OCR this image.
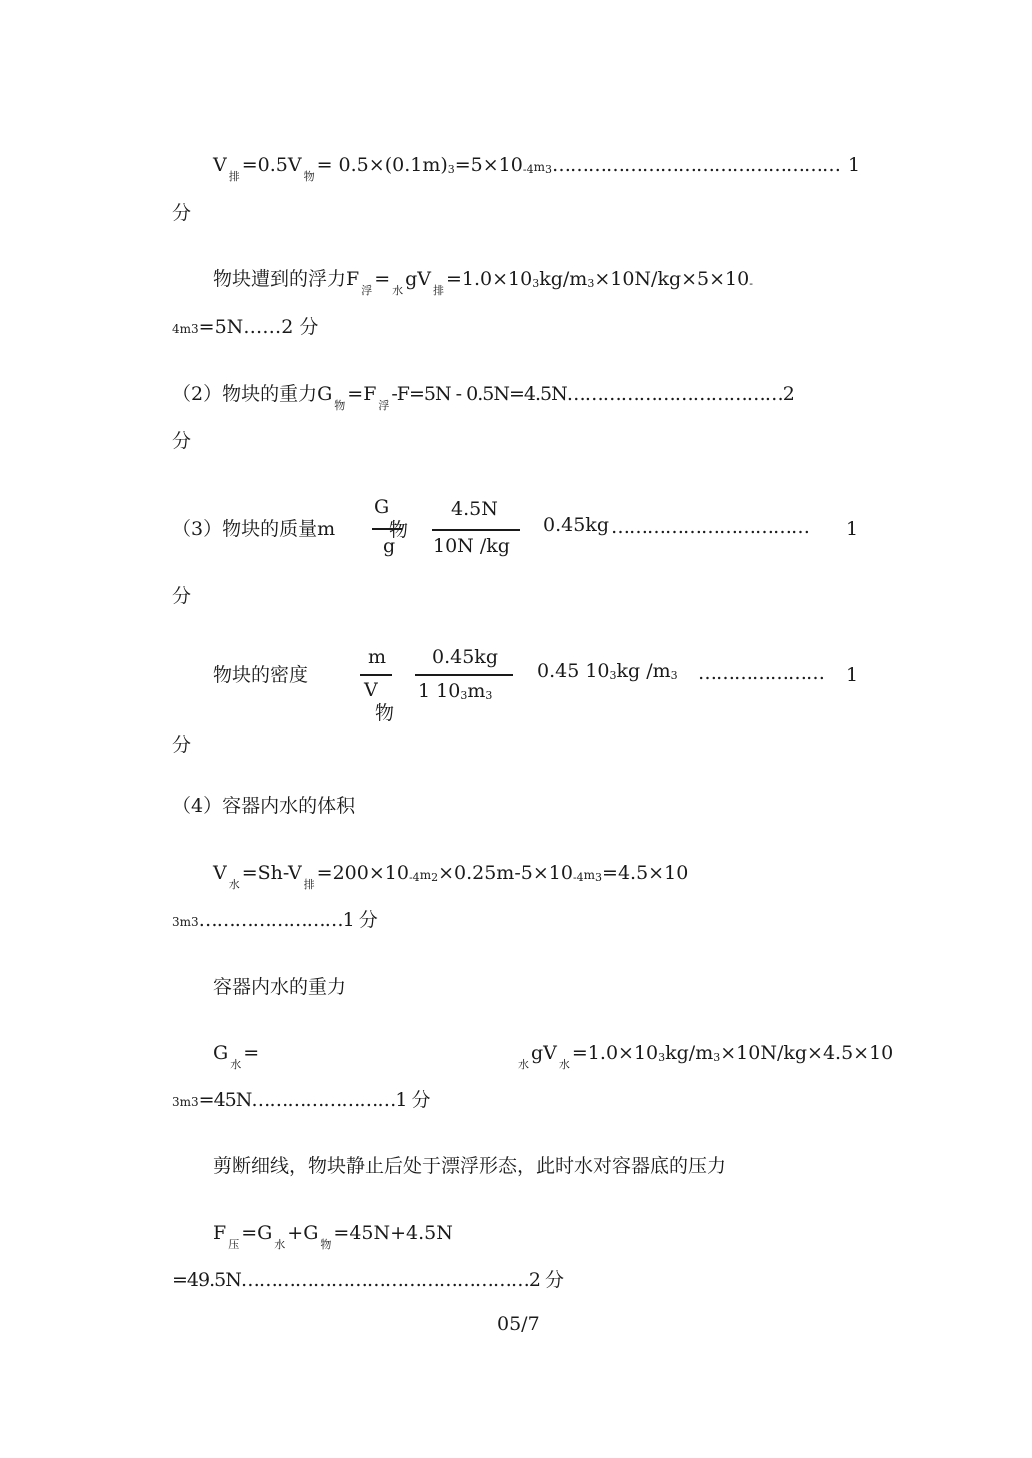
$V_排=0.5V_物=$ 0.5×(0.1m)3=5×10-4m3………………………………………… 1
分
物块遭到的浮力$F_浮=_水gV_排=1.0\times 103kg/m3\times 10N/kg\times 5\times 10-$
4m3=5N……2 分
（2）物块的重力$G_物=F_浮-F=5N$ - 0.5N=4.5N………………………………2
分
（3）物块的质量m
G
物
g
4.5N
10N /kg
0.45kg …………………………… 1
分
物块的密度
m
V
物
0.45kg
1 103m3
0.45 103kg /m3 ………………… 1
分
（4）容器内水的体积
$V_水=Sh-V_排=200\times 10-4m2\times 0.25m-5\times 10-4m3=4.5\times 10$
3m3……………………1 分
容器内水的重力
$G_水=$
$_水gV_水=1.0\times 103kg/m3\times 10N/kg\times 4.5\times 10$
3m3=45N……………………1 分
剪断细线，物块静止后处于漂浮形态，此时水对容器底的压力
$F_压=G_水+G_物=45N+4.5N$
=49.5N…………………………………………2 分
05/7
